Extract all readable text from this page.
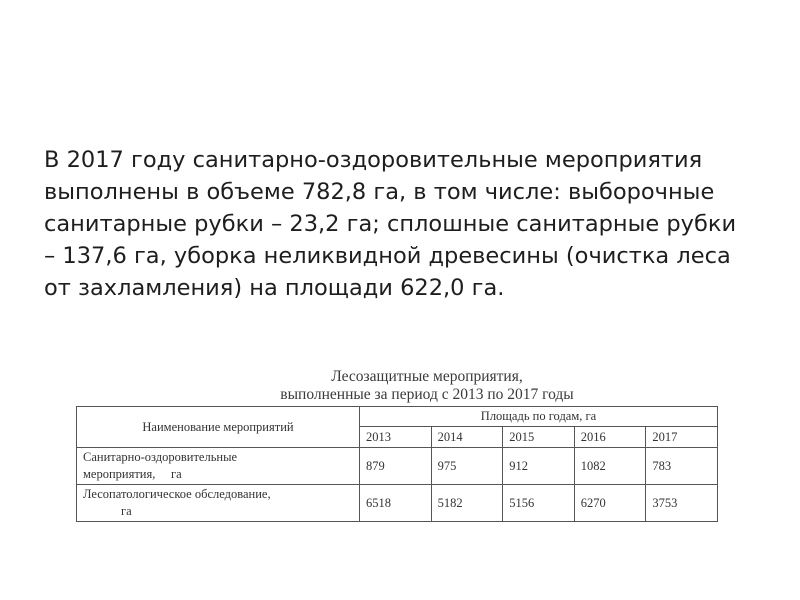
В 2017 году санитарно-оздоровительные мероприятия
выполнены в объеме 782,8 га, в том числе: выборочные
санитарные рубки – 23,2 га; сплошные санитарные рубки
– 137,6 га, уборка неликвидной древесины (очистка леса
от захламления) на площади 622,0 га.
Лесозащитные мероприятия,
выполненные за период с 2013 по 2017 годы
Наименование мероприятий	Площадь по годам, га				
	2013	2014	2015	2016	2017

Санитарно-оздоровительные
мероприятия,     га	879	975	912	1082	783

Лесопатологическое обследование,
га	6518	5182	5156	6270	3753
